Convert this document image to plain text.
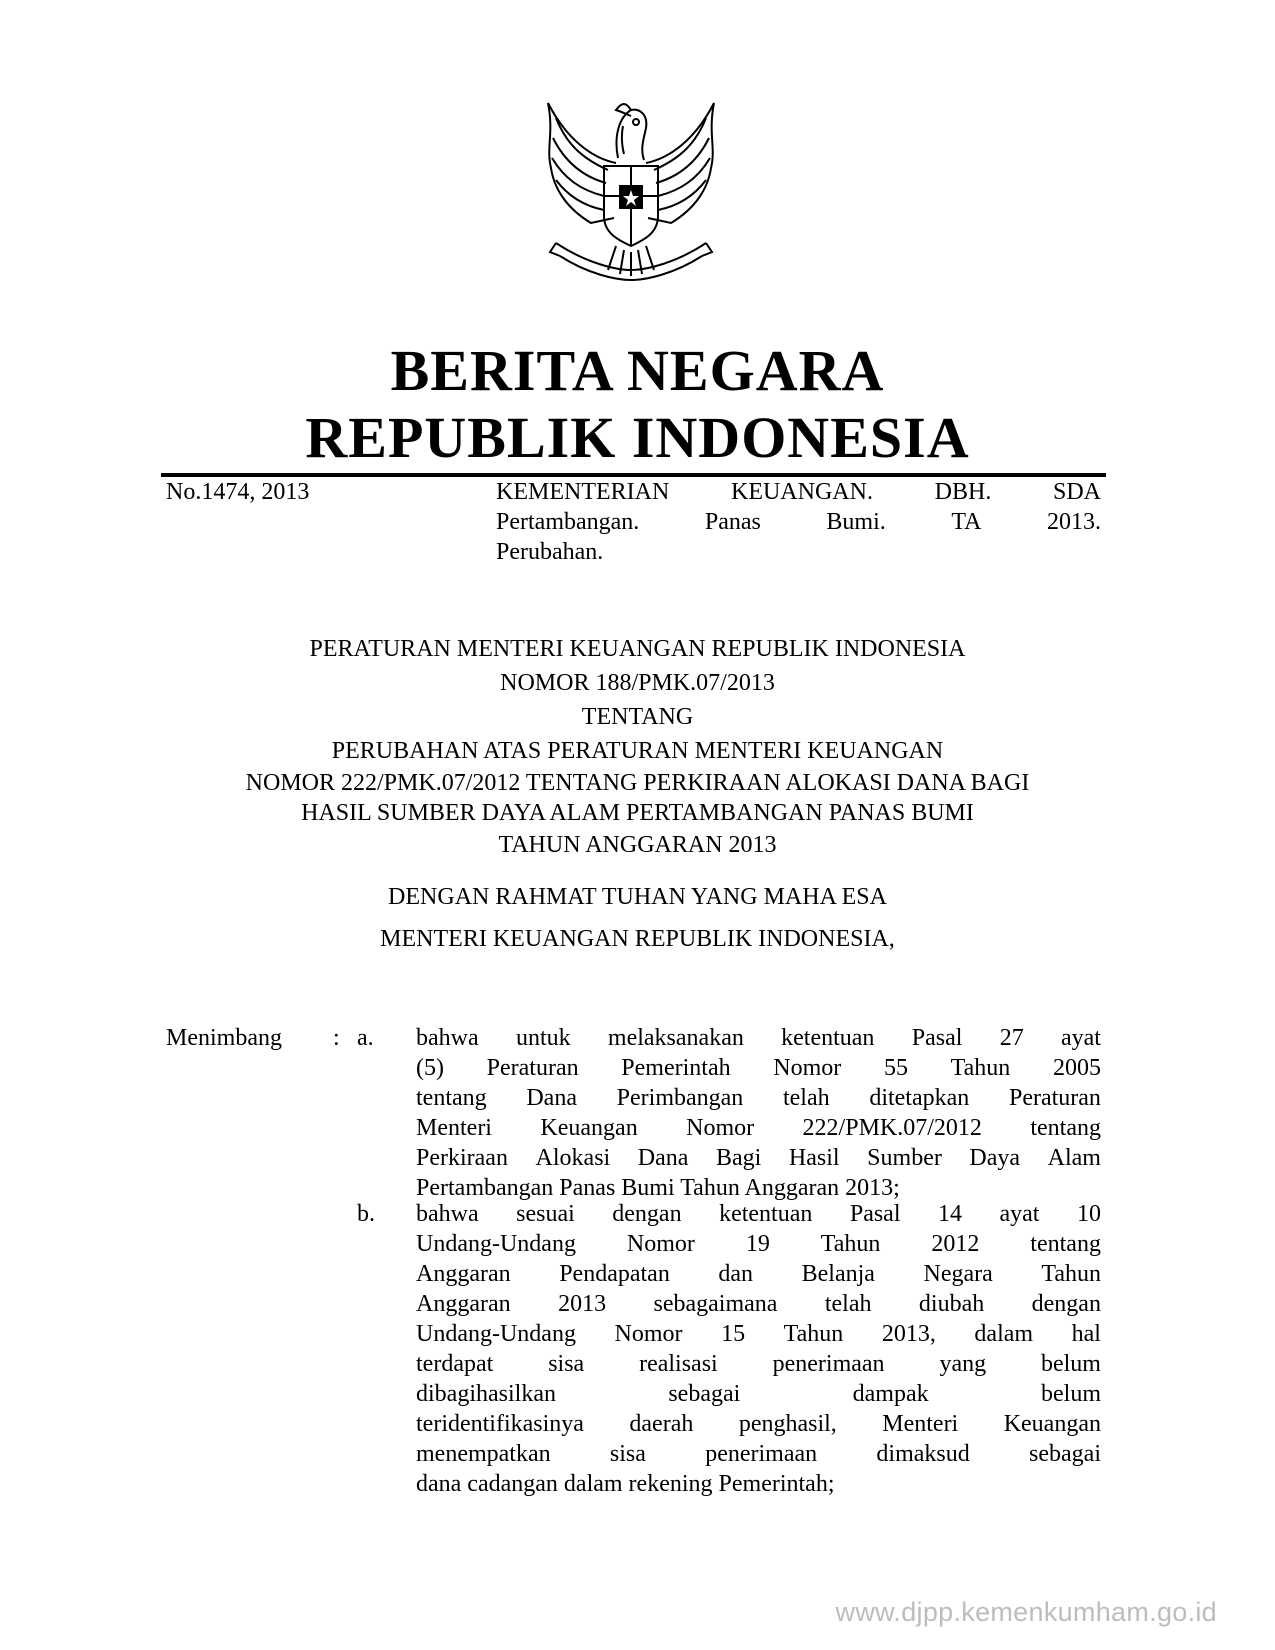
BERITA NEGARA
REPUBLIK INDONESIA
No.1474, 2013	KEMENTERIAN	KEUANGAN.	DBH.	SDA
Pertambangan.	Panas	Bumi.	TA	2013.
Perubahan.
PERATURAN MENTERI KEUANGAN REPUBLIK INDONESIA
NOMOR 188/PMK.07/2013
TENTANG
PERUBAHAN ATAS PERATURAN MENTERI KEUANGAN
NOMOR 222/PMK.07/2012 TENTANG PERKIRAAN ALOKASI DANA BAGI
HASIL SUMBER DAYA ALAM PERTAMBANGAN PANAS BUMI
TAHUN ANGGARAN 2013
DENGAN RAHMAT TUHAN YANG MAHA ESA
MENTERI KEUANGAN REPUBLIK INDONESIA,
Menimbang : a. bahwa untuk melaksanakan ketentuan Pasal 27 ayat
(5) Peraturan Pemerintah Nomor 55 Tahun 2005
tentang Dana Perimbangan telah ditetapkan Peraturan
Menteri Keuangan Nomor 222/PMK.07/2012 tentang
Perkiraan Alokasi Dana Bagi Hasil Sumber Daya Alam
Pertambangan Panas Bumi Tahun Anggaran 2013;
b. bahwa sesuai dengan ketentuan Pasal 14 ayat 10
Undang-Undang Nomor 19 Tahun 2012 tentang
Anggaran Pendapatan dan Belanja Negara Tahun
Anggaran 2013 sebagaimana telah diubah dengan
Undang-Undang Nomor 15 Tahun 2013, dalam hal
terdapat sisa realisasi penerimaan yang belum
dibagihasilkan	sebagai	dampak	belum
teridentifikasinya daerah penghasil, Menteri Keuangan
menempatkan sisa penerimaan dimaksud sebagai
dana cadangan dalam rekening Pemerintah;
www.djpp.kemenkumham.go.id
